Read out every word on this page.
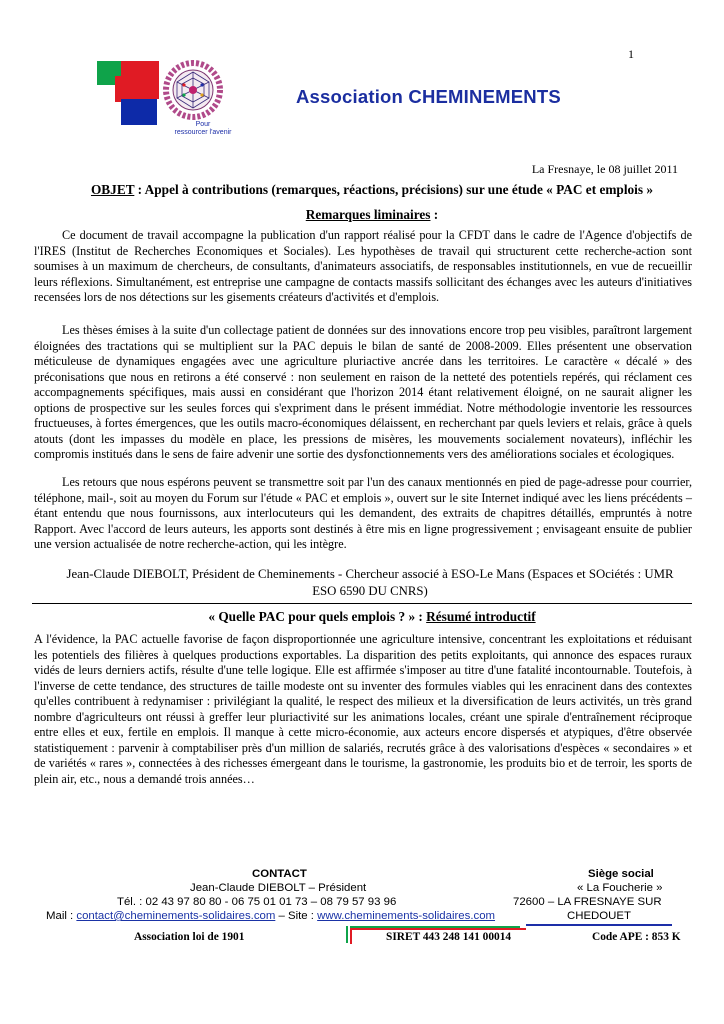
1
Pour
ressourcer l'avenir
Association CHEMINEMENTS
La Fresnaye, le 08 juillet 2011
OBJET : Appel à contributions (remarques, réactions, précisions) sur une étude « PAC et emplois »
Remarques liminaires :

Ce document de travail accompagne la publication d'un rapport réalisé pour la CFDT dans le cadre de l'Agence d'objectifs de l'IRES (Institut de Recherches Economiques et Sociales). Les hypothèses de travail qui structurent cette recherche-action sont soumises à un maximum de chercheurs, de consultants, d'animateurs associatifs, de responsables institutionnels, en vue de recueillir leurs réflexions. Simultanément, est entreprise une campagne de contacts massifs sollicitant des échanges avec les auteurs d'initiatives recensées lors de nos détections sur les gisements créateurs d'activités et d'emplois.

Les thèses émises à la suite d'un collectage patient de données sur des innovations encore trop peu visibles, paraîtront largement éloignées des tractations qui se multiplient sur la PAC depuis le bilan de santé de 2008-2009. Elles présentent une observation méticuleuse de dynamiques engagées avec une agriculture pluriactive ancrée dans les territoires. Le caractère « décalé » des préconisations que nous en retirons a été conservé : non seulement en raison de la netteté des potentiels repérés, qui réclament ces accompagnements spécifiques, mais aussi en considérant que l'horizon 2014 étant relativement éloigné, on ne saurait aligner les options de prospective sur les seules forces qui s'expriment dans le présent immédiat. Notre méthodologie inventorie les ressources fructueuses, à fortes émergences, que les outils macro-économiques délaissent, en recherchant par quels leviers et relais, grâce à quels atouts (dont les impasses du modèle en place, les pressions de misères, les mouvements socialement novateurs), infléchir les compromis institués dans le sens de faire advenir une sortie des dysfonctionnements vers des améliorations sociales et écologiques.

Les retours que nous espérons peuvent se transmettre soit par l'un des canaux mentionnés en pied de page-adresse pour courrier, téléphone, mail-, soit au moyen du Forum sur l'étude « PAC et emplois », ouvert sur le site Internet indiqué avec les liens précédents –étant entendu que nous fournissons, aux interlocuteurs qui les demandent, des extraits de chapitres détaillés, empruntés à notre Rapport. Avec l'accord de leurs auteurs, les apports sont destinés à être mis en ligne progressivement ; envisageant ensuite de publier une version actualisée de notre recherche-action, qui les intègre.

Jean-Claude DIEBOLT, Président de Cheminements - Chercheur associé à ESO-Le Mans (Espaces et SOciétés : UMR ESO 6590 DU CNRS)
« Quelle PAC pour quels emplois ? » : Résumé introductif

A l'évidence, la PAC actuelle favorise de façon disproportionnée une agriculture intensive, concentrant les exploitations et réduisant les potentiels des filières à quelques productions exportables. La disparition des petits exploitants, qui annonce des espaces ruraux vidés de leurs derniers actifs, résulte d'une telle logique. Elle est affirmée s'imposer au titre d'une fatalité incontournable. Toutefois, à l'inverse de cette tendance, des structures de taille modeste ont su inventer des formules viables qui les enracinent dans des contextes qu'elles contribuent à redynamiser : privilégiant la qualité, le respect des milieux et la diversification de leurs activités, un très grand nombre d'agriculteurs ont réussi à greffer leur pluriactivité sur les animations locales, créant une spirale d'entraînement réciproque entre elles et eux, fertile en emplois. Il manque à cette micro-économie, aux acteurs encore dispersés et atypiques, d'être observée statistiquement : parvenir à comptabiliser près d'un million de salariés, recrutés grâce à des valorisations d'espèces « secondaires » et de variétés « rares », connectées à des richesses émergeant dans le tourisme, la gastronomie, les produits bio et de terroir, les sports de plein air, etc., nous a demandé trois années…

CONTACT
Jean-Claude DIEBOLT – Président
Tél. : 02 43 97 80 80 - 06 75 01 01 73 – 08 79 57 93 96
Mail : contact@cheminements-solidaires.com – Site : www.cheminements-solidaires.com
Siège social
« La Foucherie »
72600 – LA FRESNAYE SUR
CHEDOUET
Association loi de 1901	SIRET 443 248 141 00014	Code APE : 853 K
